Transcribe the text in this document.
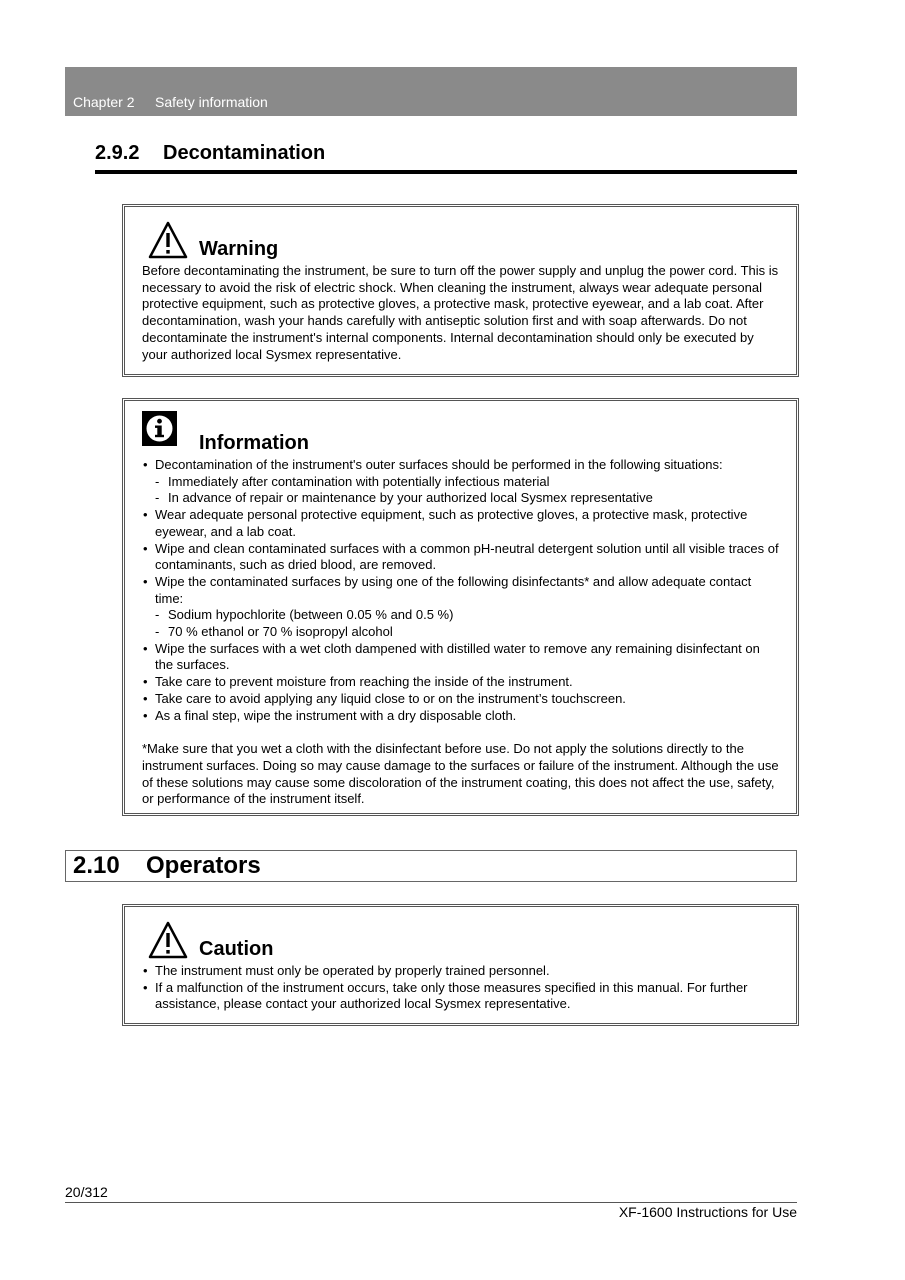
Chapter 2 Safety information
2.9.2 Decontamination
Warning

Before decontaminating the instrument, be sure to turn off the power supply and unplug the power cord. This is necessary to avoid the risk of electric shock. When cleaning the instrument, always wear adequate personal protective equipment, such as protective gloves, a protective mask, protective eyewear, and a lab coat. After decontamination, wash your hands carefully with antiseptic solution first and with soap afterwards. Do not decontaminate the instrument's internal components. Internal decontamination should only be executed by your authorized local Sysmex representative.

Information
• Decontamination of the instrument's outer surfaces should be performed in the following situations:
- Immediately after contamination with potentially infectious material
- In advance of repair or maintenance by your authorized local Sysmex representative
• Wear adequate personal protective equipment, such as protective gloves, a protective mask, protective eyewear, and a lab coat.
• Wipe and clean contaminated surfaces with a common pH-neutral detergent solution until all visible traces of contaminants, such as dried blood, are removed.
• Wipe the contaminated surfaces by using one of the following disinfectants* and allow adequate contact time:
- Sodium hypochlorite (between 0.05 % and 0.5 %)
- 70 % ethanol or 70 % isopropyl alcohol
• Wipe the surfaces with a wet cloth dampened with distilled water to remove any remaining disinfectant on the surfaces.
• Take care to prevent moisture from reaching the inside of the instrument.
• Take care to avoid applying any liquid close to or on the instrument’s touchscreen.
• As a final step, wipe the instrument with a dry disposable cloth.

*Make sure that you wet a cloth with the disinfectant before use. Do not apply the solutions directly to the instrument surfaces. Doing so may cause damage to the surfaces or failure of the instrument. Although the use of these solutions may cause some discoloration of the instrument coating, this does not affect the use, safety, or performance of the instrument itself.

2.10 Operators
Caution
• The instrument must only be operated by properly trained personnel.
• If a malfunction of the instrument occurs, take only those measures specified in this manual. For further assistance, please contact your authorized local Sysmex representative.
20/312
XF-1600 Instructions for Use
